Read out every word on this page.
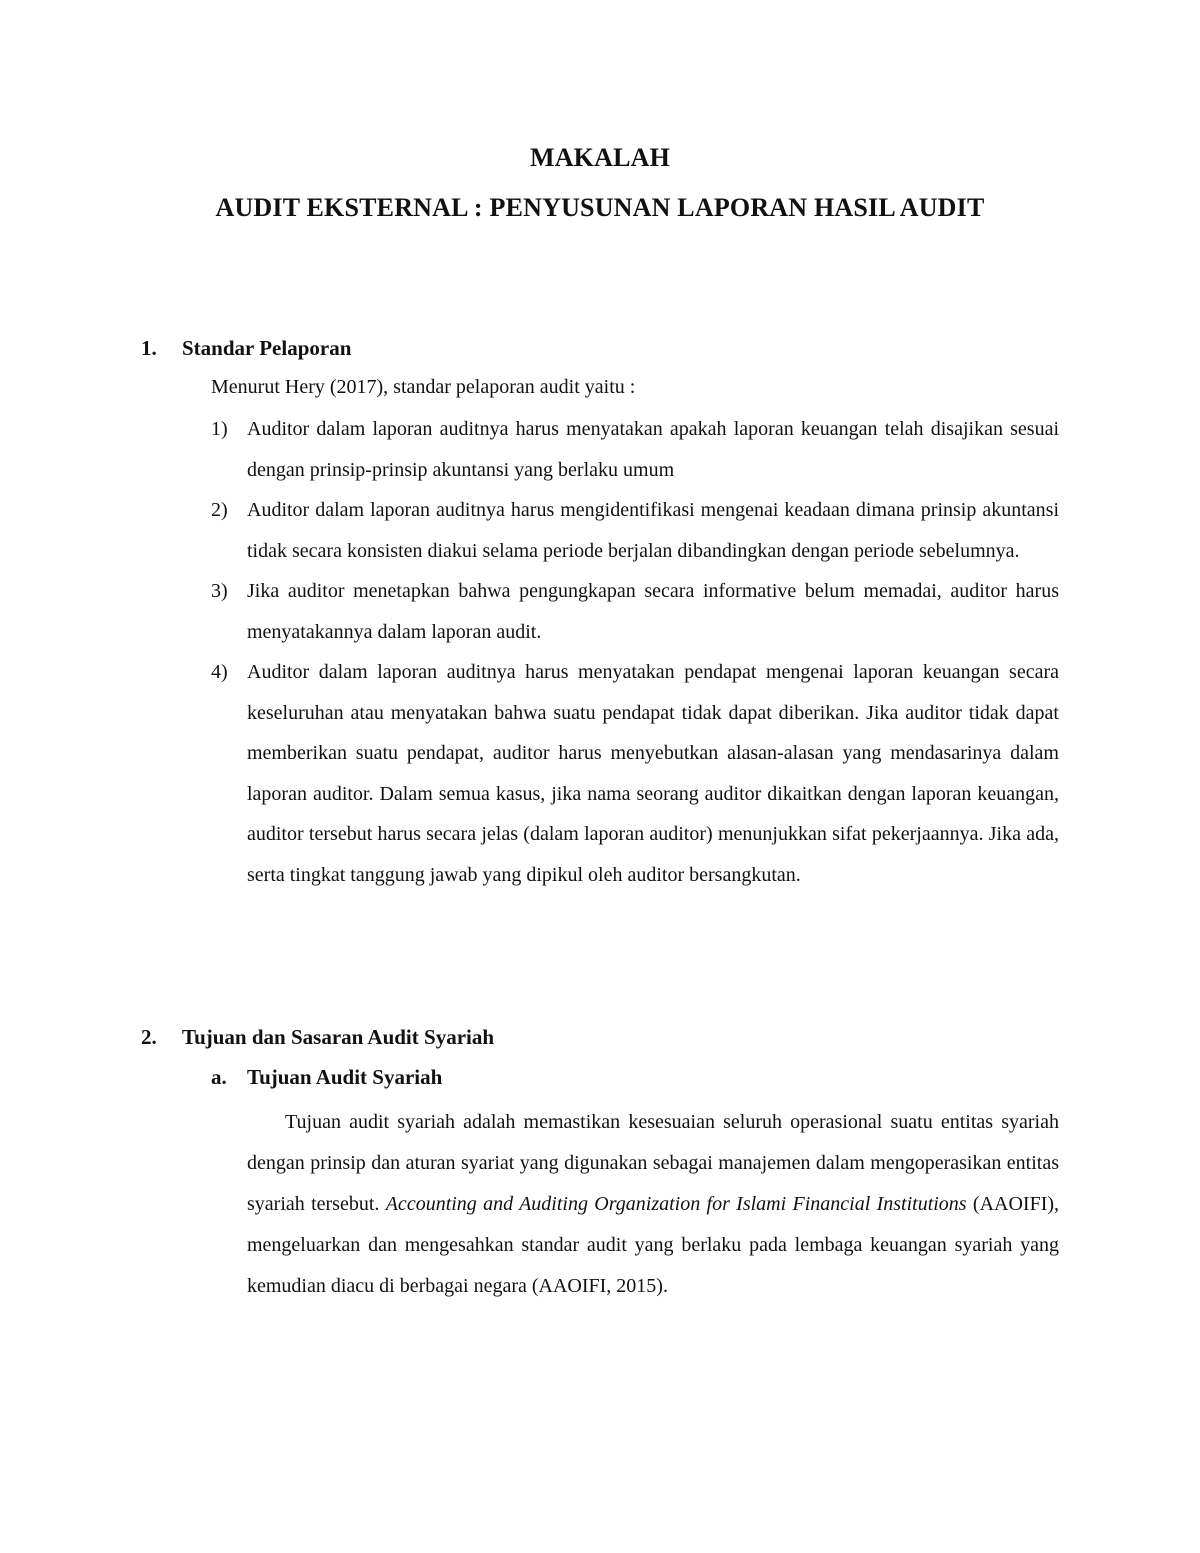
MAKALAH
AUDIT EKSTERNAL : PENYUSUNAN LAPORAN HASIL AUDIT
1. Standar Pelaporan
Menurut Hery (2017), standar pelaporan audit yaitu :
1) Auditor dalam laporan auditnya harus menyatakan apakah laporan keuangan telah disajikan sesuai dengan prinsip-prinsip akuntansi yang berlaku umum
2) Auditor dalam laporan auditnya harus mengidentifikasi mengenai keadaan dimana prinsip akuntansi tidak secara konsisten diakui selama periode berjalan dibandingkan dengan periode sebelumnya.
3) Jika auditor menetapkan bahwa pengungkapan secara informative belum memadai, auditor harus menyatakannya dalam laporan audit.
4) Auditor dalam laporan auditnya harus menyatakan pendapat mengenai laporan keuangan secara keseluruhan atau menyatakan bahwa suatu pendapat tidak dapat diberikan. Jika auditor tidak dapat memberikan suatu pendapat, auditor harus menyebutkan alasan-alasan yang mendasarinya dalam laporan auditor. Dalam semua kasus, jika nama seorang auditor dikaitkan dengan laporan keuangan, auditor tersebut harus secara jelas (dalam laporan auditor) menunjukkan sifat pekerjaannya. Jika ada, serta tingkat tanggung jawab yang dipikul oleh auditor bersangkutan.
2. Tujuan dan Sasaran Audit Syariah
a. Tujuan Audit Syariah

Tujuan audit syariah adalah memastikan kesesuaian seluruh operasional suatu entitas syariah dengan prinsip dan aturan syariat yang digunakan sebagai manajemen dalam mengoperasikan entitas syariah tersebut. Accounting and Auditing Organization for Islami Financial Institutions (AAOIFI), mengeluarkan dan mengesahkan standar audit yang berlaku pada lembaga keuangan syariah yang kemudian diacu di berbagai negara (AAOIFI, 2015).
